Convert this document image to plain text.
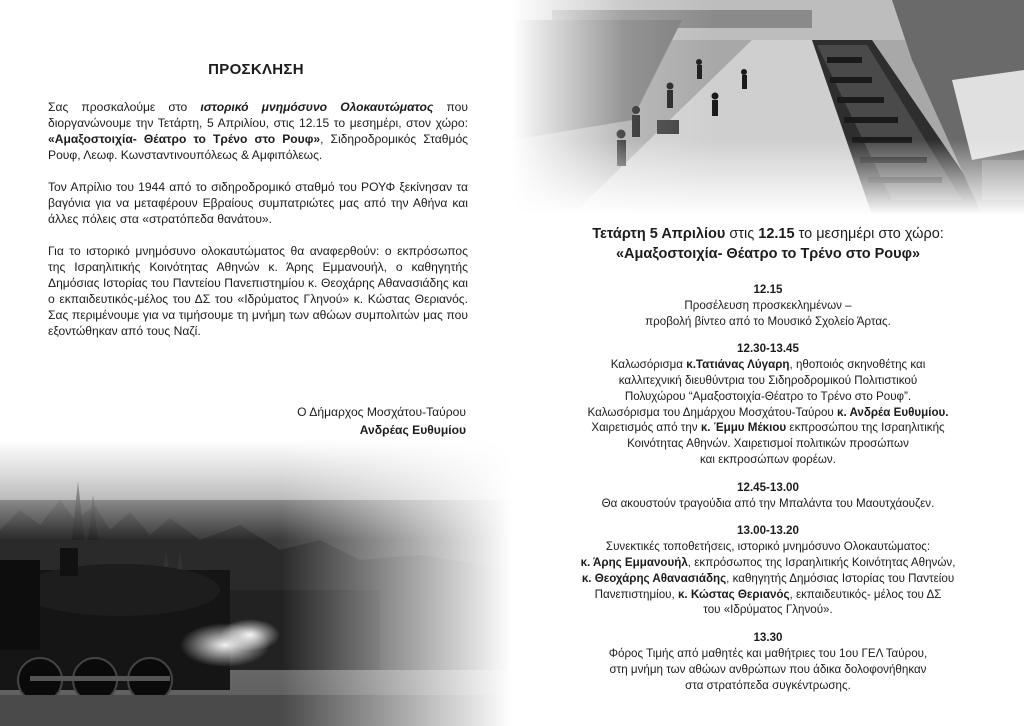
ΠΡΟΣΚΛΗΣΗ

Σας προσκαλούμε στο ιστορικό μνημόσυνο Ολοκαυτώματος που διοργανώνουμε την Τετάρτη, 5 Απριλίου, στις 12.15 το μεσημέρι, στον χώρο: «Αμαξοστοιχία- Θέατρο το Τρένο στο Ρουφ», Σιδηροδρομικός Σταθμός Ρουφ, Λεωφ. Κωνσταντινουπόλεως & Αμφιπόλεως.

Τον Απρίλιο του 1944 από το σιδηροδρομικό σταθμό του ΡΟΥΦ ξεκίνησαν τα βαγόνια για να μεταφέρουν Εβραίους συμπατριώτες μας από την Αθήνα και άλλες πόλεις στα «στρατόπεδα θανάτου».

Για το ιστορικό μνημόσυνο ολοκαυτώματος θα αναφερθούν: ο εκπρόσωπος της Ισραηλιτικής Κοινότητας Αθηνών κ. Άρης Εμμανουήλ, ο καθηγητής Δημόσιας Ιστορίας του Παντείου Πανεπιστημίου κ. Θεοχάρης Αθανασιάδης και ο εκπαιδευτικός-μέλος του ΔΣ του «Ιδρύματος Γληνού» κ. Κώστας Θεριανός. Σας περιμένουμε για να τιμήσουμε τη μνήμη των αθώων συμπολιτών μας που εξοντώθηκαν από τους Ναζί.

Ο Δήμαρχος Μοσχάτου-Ταύρου
Ανδρέας Ευθυμίου
Τετάρτη 5 Απριλίου στις 12.15 το μεσημέρι στο χώρο:
«Αμαξοστοιχία- Θέατρο το Τρένο στο Ρουφ»
12.15
Προσέλευση προσκεκλημένων –
προβολή βίντεο από το Μουσικό Σχολείο Άρτας.
12.30-13.45
Καλωσόρισμα κ.Τατιάνας Λύγαρη, ηθοποιός σκηνοθέτης και
καλλιτεχνική διευθύντρια του Σιδηροδρομικού Πολιτιστικού
Πολυχώρου “Αμαξοστοιχία-Θέατρο το Τρένο στο Ρουφ”.
Καλωσόρισμα του Δημάρχου Μοσχάτου-Ταύρου κ. Ανδρέα Ευθυμίου.
Χαιρετισμός από την κ. Έμμυ Μέκιου εκπροσώπου της Ισραηλιτικής
Κοινότητας Αθηνών. Χαιρετισμοί πολιτικών προσώπων
και εκπροσώπων φορέων.
12.45-13.00
Θα ακουστούν τραγούδια από την Μπαλάντα του Μαουτχάουζεν.
13.00-13.20
Συνεκτικές τοποθετήσεις, ιστορικό μνημόσυνο Ολοκαυτώματος:
κ. Άρης Εμμανουήλ, εκπρόσωπος της Ισραηλιτικής Κοινότητας Αθηνών,
κ. Θεοχάρης Αθανασιάδης, καθηγητής Δημόσιας Ιστορίας του Παντείου
Πανεπιστημίου, κ. Κώστας Θεριανός, εκπαιδευτικός- μέλος του ΔΣ
του «Ιδρύματος Γληνού».
13.30
Φόρος Τιμής από μαθητές και μαθήτριες του 1ου ΓΕΛ Ταύρου,
στη μνήμη των αθώων ανθρώπων που άδικα δολοφονήθηκαν
στα στρατόπεδα συγκέντρωσης.
